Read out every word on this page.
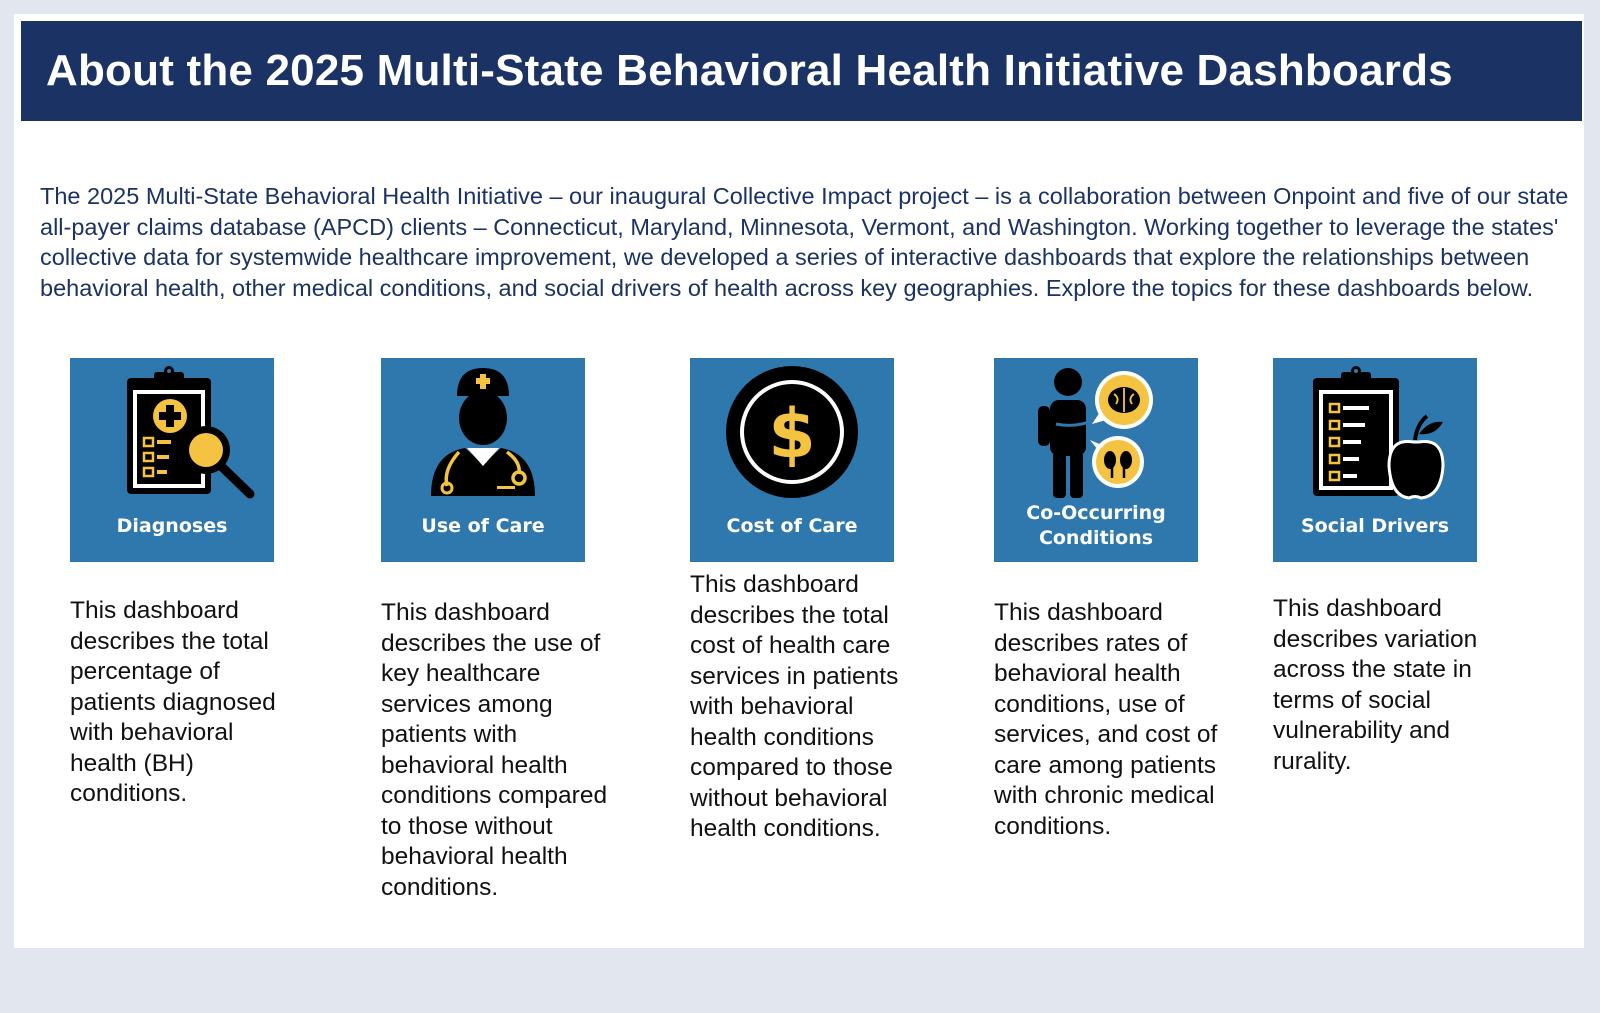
About the 2025 Multi-State Behavioral Health Initiative Dashboards

The 2025 Multi-State Behavioral Health Initiative – our inaugural Collective Impact project – is a collaboration between Onpoint and five of our state all-payer claims database (APCD) clients – Connecticut, Maryland, Minnesota, Vermont, and Washington. Working together to leverage the states' collective data for systemwide healthcare improvement, we developed a series of interactive dashboards that explore the relationships between behavioral health, other medical conditions, and social drivers of health across key geographies. Explore the topics for these dashboards below.

Diagnoses

This dashboard describes the total percentage of patients diagnosed with behavioral health (BH) conditions.

Use of Care

This dashboard describes the use of key healthcare services among patients with behavioral health conditions compared to those without behavioral health conditions.

$
Cost of Care

This dashboard describes the total cost of health care services in patients with behavioral health conditions compared to those without behavioral health conditions.

Co-Occurring
Conditions

This dashboard describes rates of behavioral health conditions, use of services, and cost of care among patients with chronic medical conditions.

Social Drivers

This dashboard describes variation across the state in terms of social vulnerability and rurality.
